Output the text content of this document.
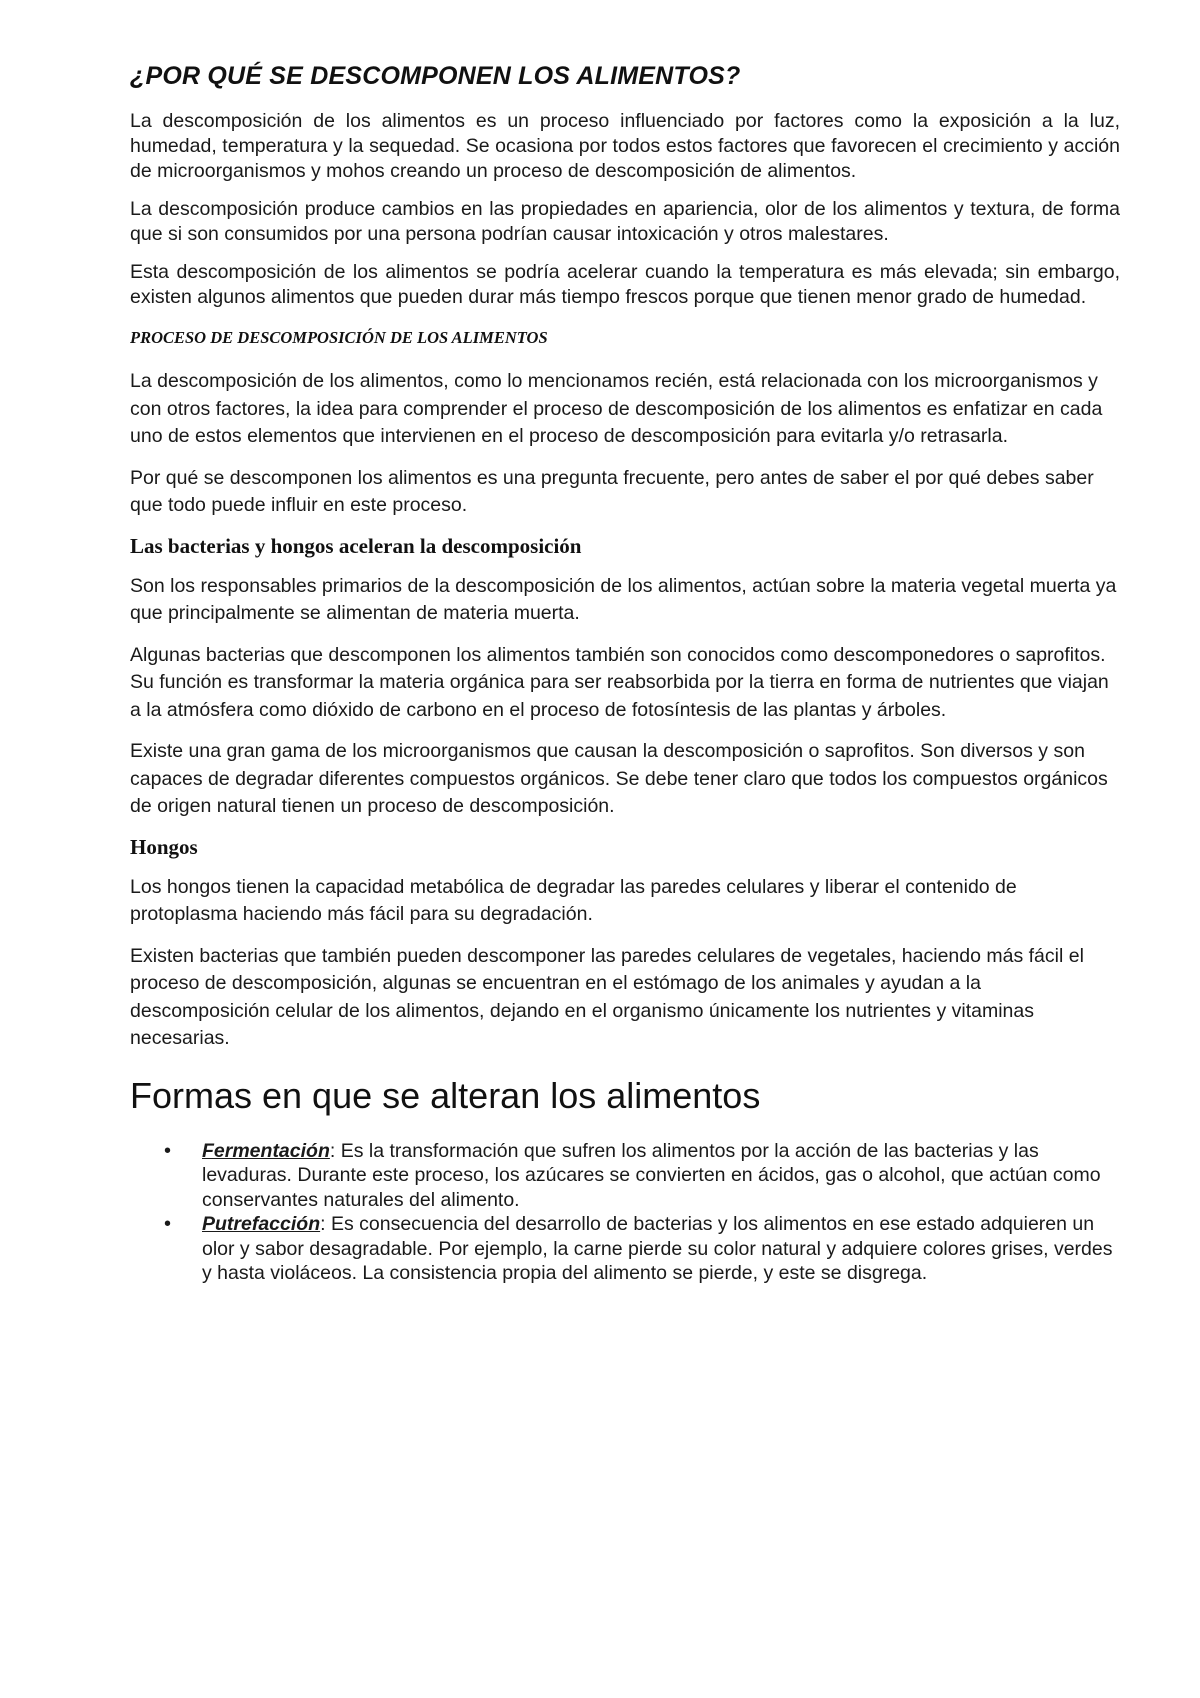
¿POR QUÉ SE DESCOMPONEN LOS ALIMENTOS?

La descomposición de los alimentos es un proceso influenciado por factores como la exposición a la luz, humedad, temperatura y la sequedad. Se ocasiona por todos estos factores que favorecen el crecimiento y acción de microorganismos y mohos creando un proceso de descomposición de alimentos.

La descomposición produce cambios en las propiedades en apariencia, olor de los alimentos y textura, de forma que si son consumidos por una persona podrían causar intoxicación y otros malestares.

Esta descomposición de los alimentos se podría acelerar cuando la temperatura es más elevada; sin embargo, existen algunos alimentos que pueden durar más tiempo frescos porque que tienen menor grado de humedad.

PROCESO DE DESCOMPOSICIÓN DE LOS ALIMENTOS

La descomposición de los alimentos, como lo mencionamos recién, está relacionada con los microorganismos y con otros factores, la idea para comprender el proceso de descomposición de los alimentos es enfatizar en cada uno de estos elementos que intervienen en el proceso de descomposición para evitarla y/o retrasarla.

Por qué se descomponen los alimentos es una pregunta frecuente, pero antes de saber el por qué debes saber que todo puede influir en este proceso.

Las bacterias y hongos aceleran la descomposición

Son los responsables primarios de la descomposición de los alimentos, actúan sobre la materia vegetal muerta ya que principalmente se alimentan de materia muerta.

Algunas bacterias que descomponen los alimentos también son conocidos como descomponedores o saprofitos. Su función es transformar la materia orgánica para ser reabsorbida por la tierra en forma de nutrientes que viajan a la atmósfera como dióxido de carbono en el proceso de fotosíntesis de las plantas y árboles.

Existe una gran gama de los microorganismos que causan la descomposición o saprofitos. Son diversos y son capaces de degradar diferentes compuestos orgánicos. Se debe tener claro que todos los compuestos orgánicos de origen natural tienen un proceso de descomposición.

Hongos

Los hongos tienen la capacidad metabólica de degradar las paredes celulares y liberar el contenido de protoplasma haciendo más fácil para su degradación.

Existen bacterias que también pueden descomponer las paredes celulares de vegetales, haciendo más fácil el proceso de descomposición, algunas se encuentran en el estómago de los animales y ayudan a la descomposición celular de los alimentos, dejando en el organismo únicamente los nutrientes y vitaminas necesarias.

Formas en que se alteran los alimentos
• Fermentación: Es la transformación que sufren los alimentos por la acción de las bacterias y las levaduras. Durante este proceso, los azúcares se convierten en ácidos, gas o alcohol, que actúan como conservantes naturales del alimento.
• Putrefacción: Es consecuencia del desarrollo de bacterias y los alimentos en ese estado adquieren un olor y sabor desagradable. Por ejemplo, la carne pierde su color natural y adquiere colores grises, verdes y hasta violáceos. La consistencia propia del alimento se pierde, y este se disgrega.
